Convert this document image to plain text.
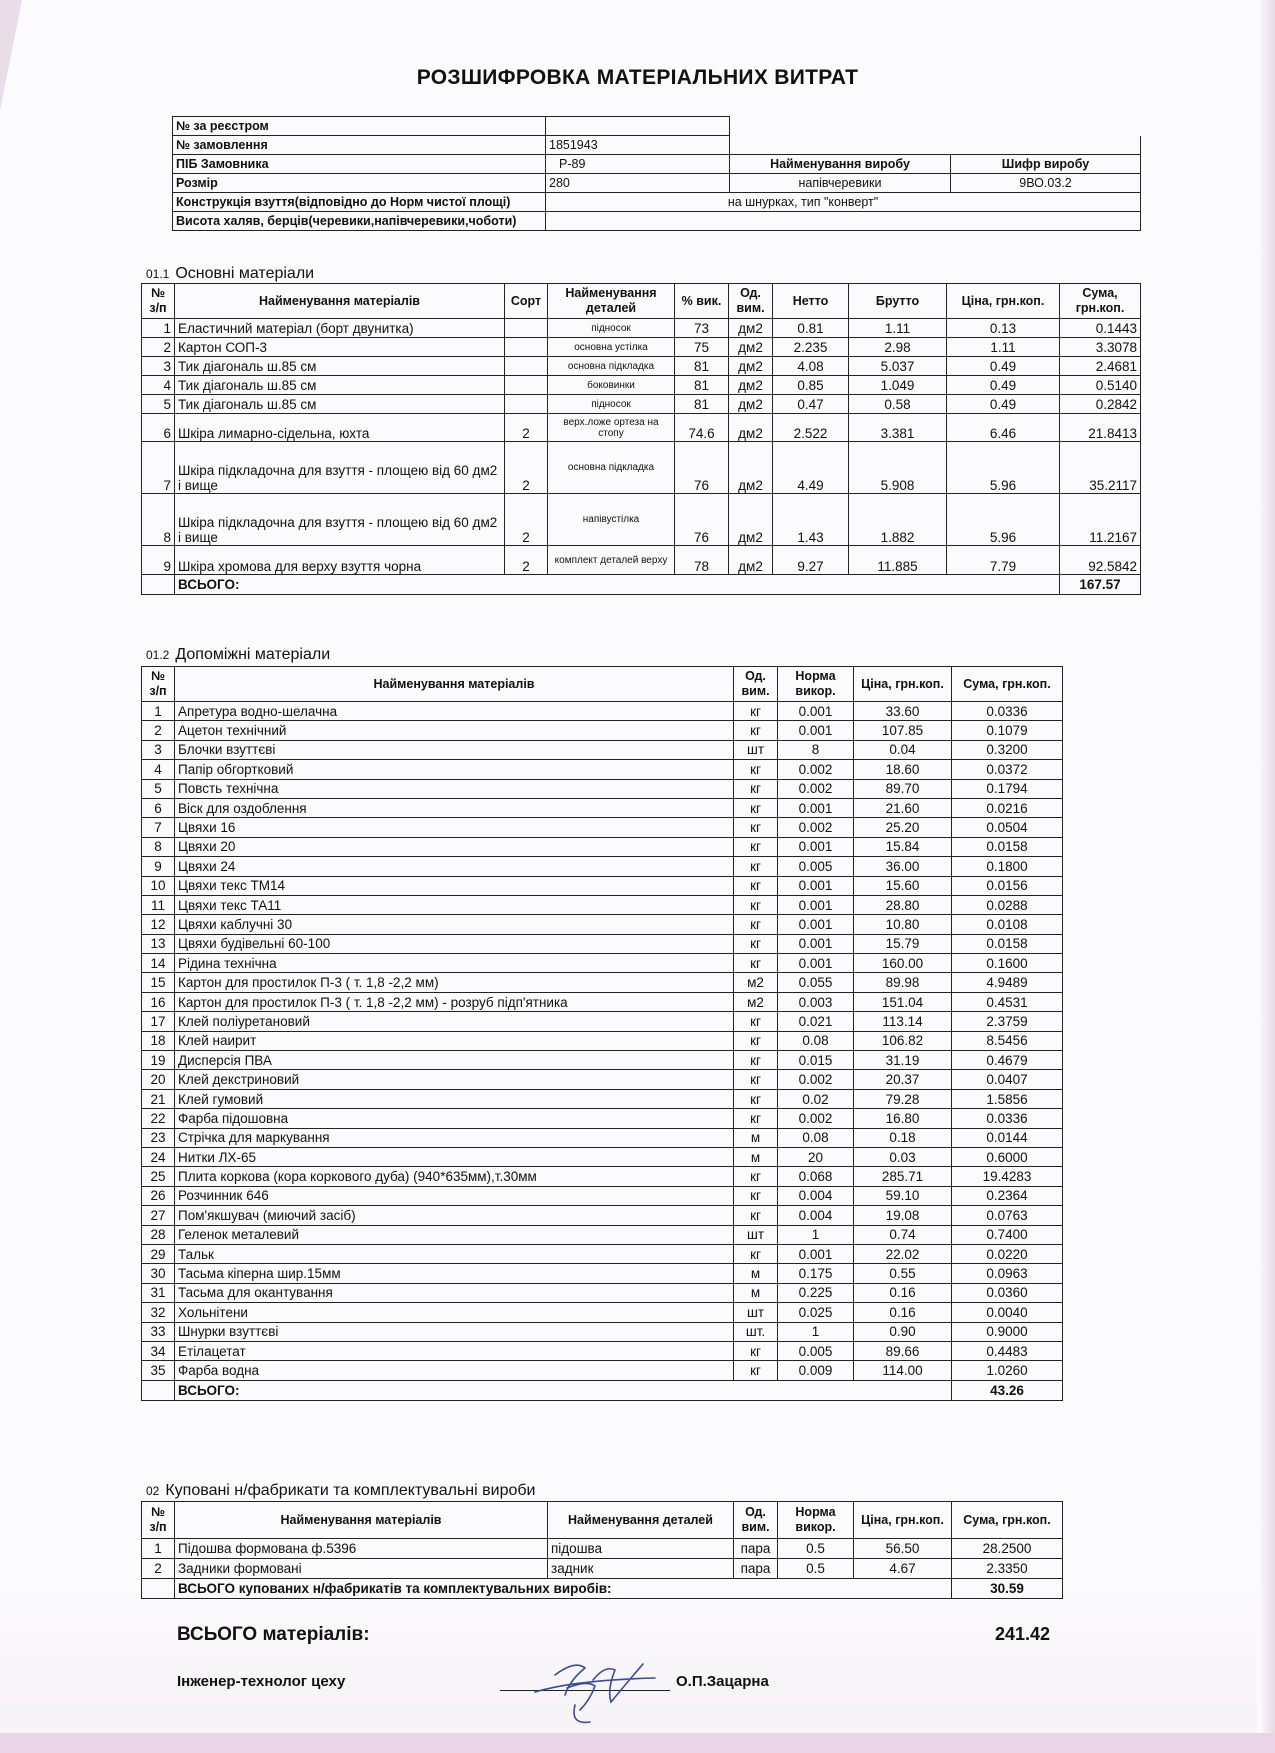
РОЗШИФРОВКА МАТЕРІАЛЬНИХ ВИТРАТ
№ за реєстром			
№ замовлення	1851943		
ПІБ Замовника	Р-89	Найменування виробу	Шифр виробу
Розмір	280	напівчеревики	9ВО.03.2
Конструкція взуття(відповідно до Норм чистої площі)	на шнурках, тип "конверт"		
Висота халяв, берців(черевики,напівчеревики,чоботи)			
01.1 Основні матеріали
№ з/п	Найменування матеріалів	Сорт	Найменування деталей	% вик.	Од. вим.	Нетто	Брутто	Ціна, грн.коп.	Сума, грн.коп.
1	Еластичний матеріал (борт двунитка)		підносок	73	дм2	0.81	1.11	0.13	0.1443
2	Картон СОП-3		основна устілка	75	дм2	2.235	2.98	1.11	3.3078
3	Тик діагональ ш.85 см		основна підкладка	81	дм2	4.08	5.037	0.49	2.4681
4	Тик діагональ ш.85 см		боковинки	81	дм2	0.85	1.049	0.49	0.5140
5	Тик діагональ ш.85 см		підносок	81	дм2	0.47	0.58	0.49	0.2842
6	Шкіра лимарно-сідельна, юхта	2	верх.ложе ортеза на стопу	74.6	дм2	2.522	3.381	6.46	21.8413
7	Шкіра підкладочна для взуття - площею від 60 дм2 і вище	2	основна підкладка	76	дм2	4.49	5.908	5.96	35.2117
8	Шкіра підкладочна для взуття - площею від 60 дм2 і вище	2	напівустілка	76	дм2	1.43	1.882	5.96	11.2167
9	Шкіра хромова для верху взуття чорна	2	комплект деталей верху	78	дм2	9.27	11.885	7.79	92.5842
	ВСЬОГО:								167.57
01.2 Допоміжні матеріали
№ з/п	Найменування матеріалів	Од. вим.	Норма викор.	Ціна, грн.коп.	Сума, грн.коп.
1	Апретура водно-шелачна	кг	0.001	33.60	0.0336
2	Ацетон технічний	кг	0.001	107.85	0.1079
3	Блочки взуттєві	шт	8	0.04	0.3200
4	Папір обгортковий	кг	0.002	18.60	0.0372
5	Повсть технічна	кг	0.002	89.70	0.1794
6	Віск для оздоблення	кг	0.001	21.60	0.0216
7	Цвяхи 16	кг	0.002	25.20	0.0504
8	Цвяхи 20	кг	0.001	15.84	0.0158
9	Цвяхи 24	кг	0.005	36.00	0.1800
10	Цвяхи текс ТМ14	кг	0.001	15.60	0.0156
11	Цвяхи текс ТА11	кг	0.001	28.80	0.0288
12	Цвяхи каблучні 30	кг	0.001	10.80	0.0108
13	Цвяхи будівельні 60-100	кг	0.001	15.79	0.0158
14	Рідина технічна	кг	0.001	160.00	0.1600
15	Картон для простилок П-3 ( т. 1,8 -2,2 мм)	м2	0.055	89.98	4.9489
16	Картон для простилок П-3 ( т. 1,8 -2,2 мм) - розруб підп'ятника	м2	0.003	151.04	0.4531
17	Клей поліуретановий	кг	0.021	113.14	2.3759
18	Клей наирит	кг	0.08	106.82	8.5456
19	Дисперсія ПВА	кг	0.015	31.19	0.4679
20	Клей декстриновий	кг	0.002	20.37	0.0407
21	Клей гумовий	кг	0.02	79.28	1.5856
22	Фарба підошовна	кг	0.002	16.80	0.0336
23	Стрічка для маркування	м	0.08	0.18	0.0144
24	Нитки ЛХ-65	м	20	0.03	0.6000
25	Плита коркова (кора коркового дуба) (940*635мм),т.30мм	кг	0.068	285.71	19.4283
26	Розчинник 646	кг	0.004	59.10	0.2364
27	Пом'якшувач (миючий засіб)	кг	0.004	19.08	0.0763
28	Геленок металевий	шт	1	0.74	0.7400
29	Тальк	кг	0.001	22.02	0.0220
30	Тасьма кіперна шир.15мм	м	0.175	0.55	0.0963
31	Тасьма для окантування	м	0.225	0.16	0.0360
32	Хольнітени	шт	0.025	0.16	0.0040
33	Шнурки взуттєві	шт.	1	0.90	0.9000
34	Етілацетат	кг	0.005	89.66	0.4483
35	Фарба водна	кг	0.009	114.00	1.0260
	ВСЬОГО:				43.26
02 Куповані н/фабрикати та комплектувальні вироби
№ з/п	Найменування матеріалів	Найменування деталей	Од. вим.	Норма викор.	Ціна, грн.коп.	Сума, грн.коп.
1	Підошва формована ф.5396	підошва	пара	0.5	56.50	28.2500
2	Задники формовані	задник	пара	0.5	4.67	2.3350
	ВСЬОГО купованих н/фабрикатів та комплектувальних виробів:					30.59
ВСЬОГО матеріалів:	241.42
Інженер-технолог цеху	О.П.Зацарна
